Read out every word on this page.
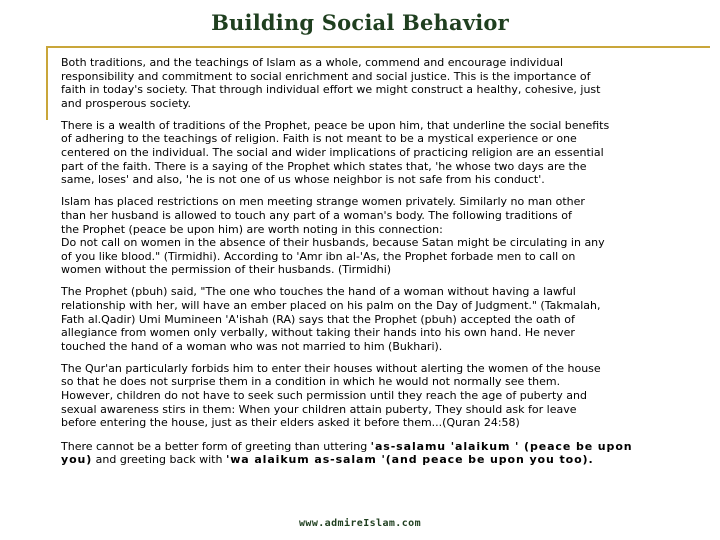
Building Social Behavior

Both traditions, and the teachings of Islam as a whole, commend and encourage individual
responsibility and commitment to social enrichment and social justice. This is the importance of
faith in today's society. That through individual effort we might construct a healthy, cohesive, just
and prosperous society.

There is a wealth of traditions of the Prophet, peace be upon him, that underline the social benefits
of adhering to the teachings of religion. Faith is not meant to be a mystical experience or one
centered on the individual. The social and wider implications of practicing religion are an essential
part of the faith. There is a saying of the Prophet which states that, 'he whose two days are the
same, loses' and also, 'he is not one of us whose neighbor is not safe from his conduct'.

Islam has placed restrictions on men meeting strange women privately. Similarly no man other
than her husband is allowed to touch any part of a woman's body. The following traditions of
the Prophet (peace be upon him) are worth noting in this connection:
Do not call on women in the absence of their husbands, because Satan might be circulating in any
of you like blood." (Tirmidhi). According to 'Amr ibn al-'As, the Prophet forbade men to call on
women without the permission of their husbands. (Tirmidhi)

The Prophet (pbuh) said, "The one who touches the hand of a woman without having a lawful
relationship with her, will have an ember placed on his palm on the Day of Judgment." (Takmalah,
Fath al.Qadir) Umi Mumineen 'A'ishah (RA) says that the Prophet (pbuh) accepted the oath of
allegiance from women only verbally, without taking their hands into his own hand. He never
touched the hand of a woman who was not married to him (Bukhari).

The Qur'an particularly forbids him to enter their houses without alerting the women of the house
so that he does not surprise them in a condition in which he would not normally see them.
However, children do not have to seek such permission until they reach the age of puberty and
sexual awareness stirs in them: When your children attain puberty, They should ask for leave
before entering the house, just as their elders asked it before them...(Quran 24:58)

There cannot be a better form of greeting than uttering 'as-salamu 'alaikum ' (peace be upon
you) and greeting back with 'wa alaikum as-salam '(and peace be upon you too).

www.admireIslam.com
